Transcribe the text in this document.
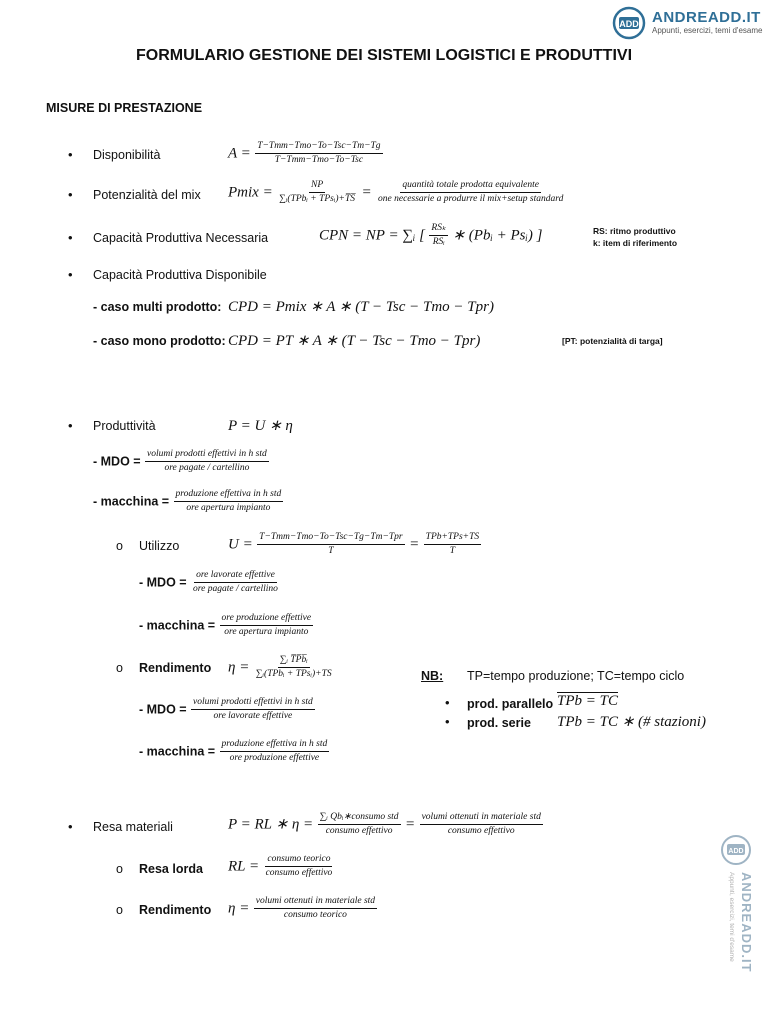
ADD ANDREADD.IT
Appunti, esercizi, temi d'esame
FORMULARIO GESTIONE DEI SISTEMI LOGISTICI E PRODUTTIVI
MISURE DI PRESTAZIONE
• Disponibilità	$A = \frac{\text{T−Tmm−Tmo−To−Tsc−Tm−Tg}}{\text{T−Tmm−Tmo−To−Tsc}}$
• Potenzialità del mix Pmix = $\frac{NP}{\text{∑ᵢ(TPbᵢ + TPsᵢ)+T̅S̅}} = \frac{\text{quantità totale prodotta equivalente}}{\text{one necessarie a produrre il mix+setup standard}}$
• Capacità Produttiva Necessaria	CPN = NP = ∑ᵢ [ $\frac{\text{RSₖ}}{\text{RSᵢ}}$ ∗ (Pbᵢ + Psᵢ) ]	RS: ritmo produttivo
k: item di riferimento
• Capacità Produttiva Disponibile
- caso multi prodotto: CPD = Pmix ∗ A ∗ (T − Tsc − Tmo − Tpr)
- caso mono prodotto: CPD = PT ∗ A ∗ (T − Tsc − Tmo − Tpr)	[PT: potenzialità di targa]
• Produttività	P = U ∗ η
- MDO = $\frac{\text{volumi prodotti effettivi in h std}}{\text{ore pagate / cartellino}}$
- macchina = $\frac{\text{produzione effettiva in h std}}{\text{ore apertura impianto}}$
o Utilizzo	$U = \frac{\text{T−Tmm−Tmo−To−Tsc−Tg−Tm−Tpr}}{T} = \frac{\text{TPb+TPs+TS}}{T}$
- MDO = $\frac{\text{ore lavorate effettive}}{\text{ore pagate / cartellino}}$
- macchina = $\frac{\text{ore produzione effettive}}{\text{ore apertura impianto}}$
o Rendimento $\eta = \frac{\text{∑ᵢ T̅P̅b̅ᵢ}}{\text{∑ᵢ(TPbᵢ + TPsᵢ)+TS}}$
- MDO = $\frac{\text{volumi prodotti effettivi in h std}}{\text{ore lavorate effettive}}$
- macchina = $\frac{\text{produzione effettiva in h std}}{\text{ore produzione effettive}}$
NB: TP=tempo produzione; TC=tempo ciclo
• prod. parallelo TPb = TC
• prod. serie TPb = TC ∗ (# stazioni)
• Resa materiali	P = RL ∗ $\eta = \frac{\text{∑ᵢ Qbᵢ∗consumo std}}{\text{consumo effettivo}} = \frac{\text{volumi ottenuti in materiale std}}{\text{consumo effettivo}}$
o Resa lorda RL = $\frac{\text{consumo teorico}}{\text{consumo effettivo}}$
o Rendimento $\eta = \frac{\text{volumi ottenuti in materiale std}}{\text{consumo teorico}}$
ADD
ANDREADD.IT
Appunti, esercizi, temi d'esame
